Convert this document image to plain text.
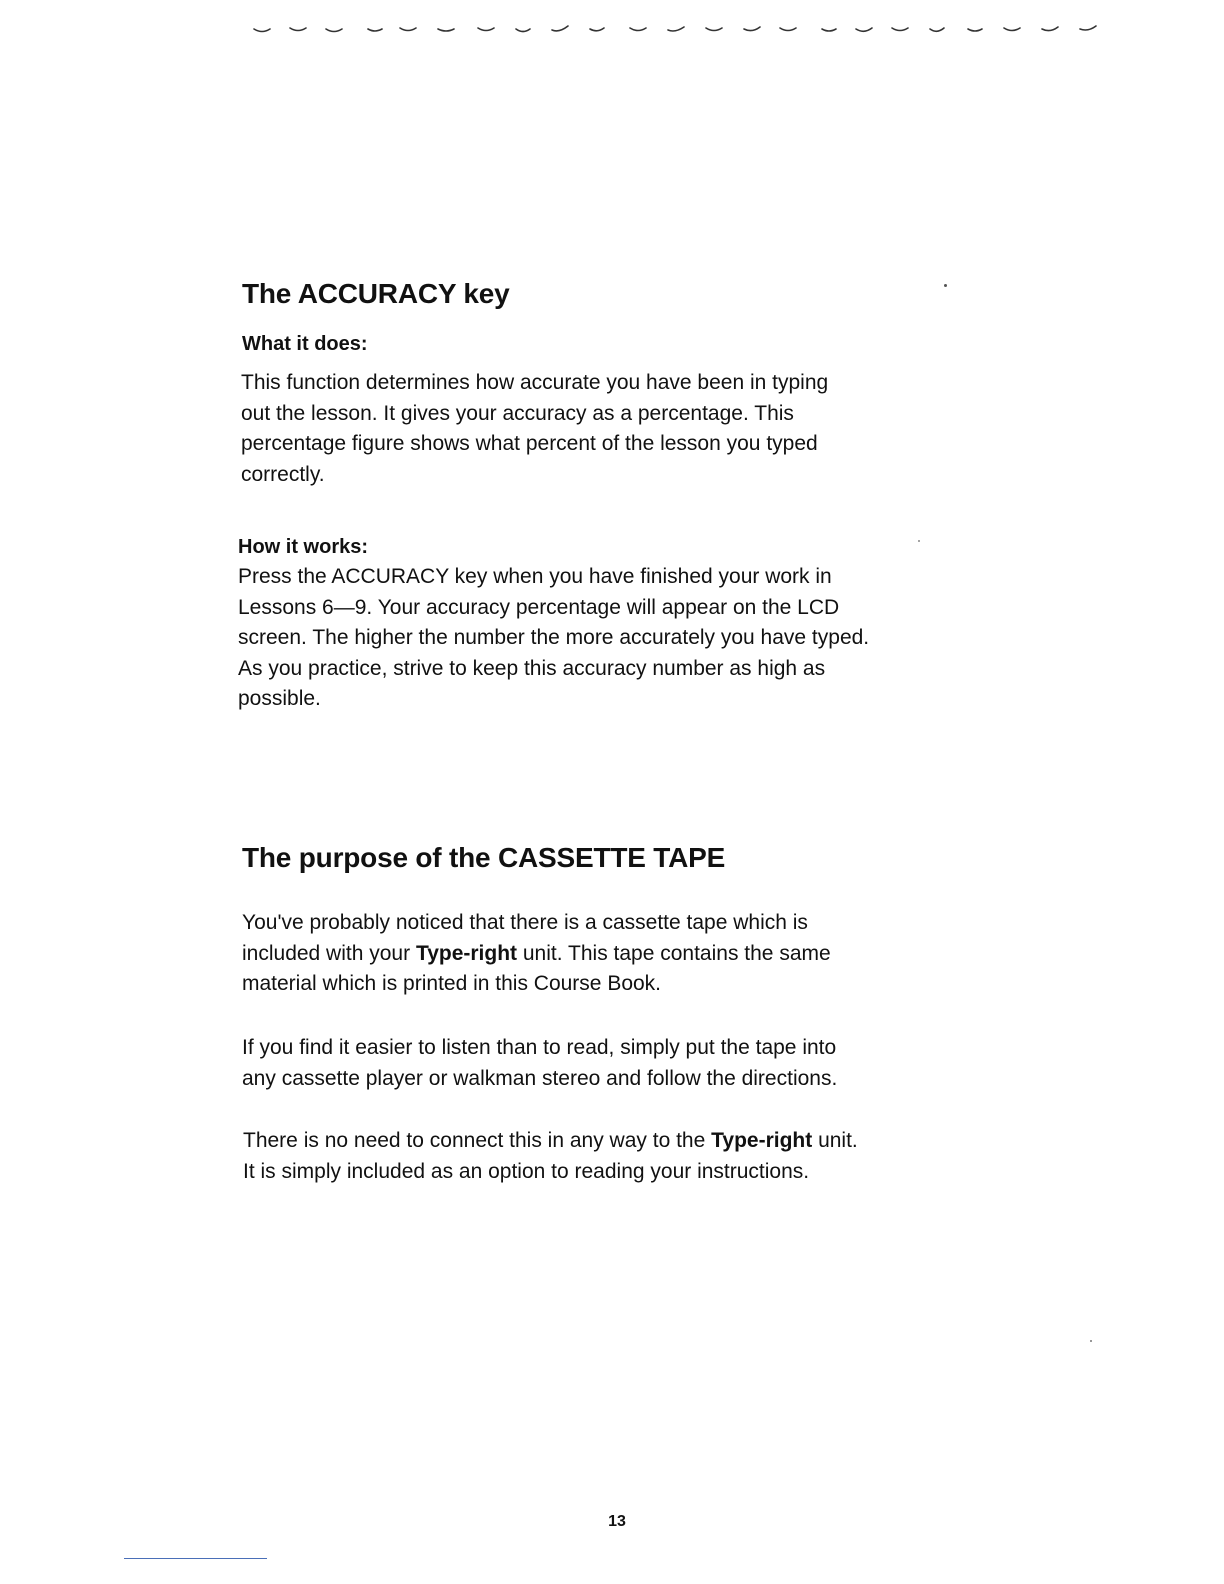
The ACCURACY key
What it does:

This function determines how accurate you have been in typing
out the lesson. It gives your accuracy as a percentage. This
percentage figure shows what percent of the lesson you typed
correctly.

How it works:

Press the ACCURACY key when you have finished your work in
Lessons 6—9. Your accuracy percentage will appear on the LCD
screen. The higher the number the more accurately you have typed.
As you practice, strive to keep this accuracy number as high as
possible.

The purpose of the CASSETTE TAPE

You've probably noticed that there is a cassette tape which is
included with your Type-right unit. This tape contains the same
material which is printed in this Course Book.

If you find it easier to listen than to read, simply put the tape into
any cassette player or walkman stereo and follow the directions.

There is no need to connect this in any way to the Type-right unit.
It is simply included as an option to reading your instructions.

13
